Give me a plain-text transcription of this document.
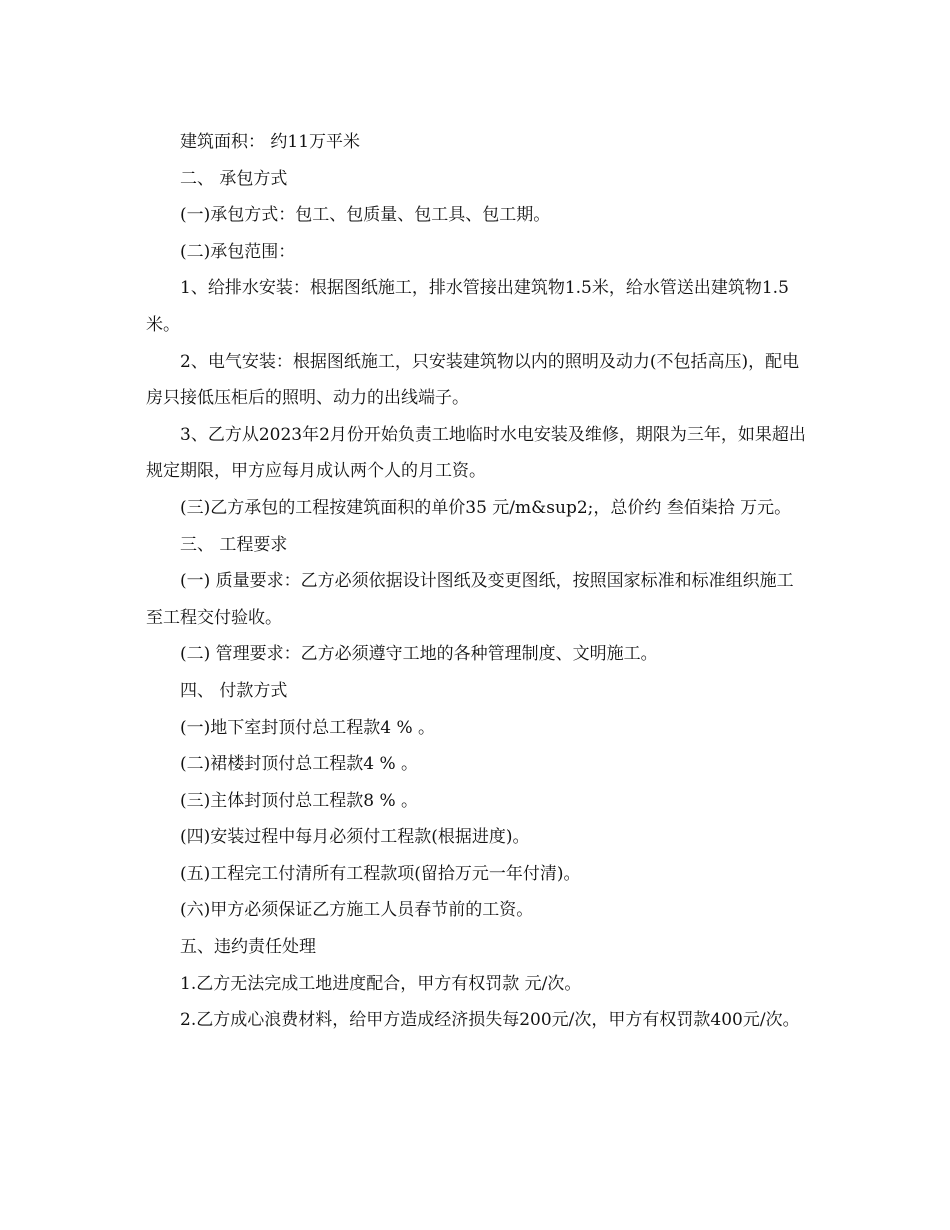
建筑面积： 约11万平米

二、 承包方式

(一)承包方式：包工、包质量、包工具、包工期。

(二)承包范围：

1、给排水安装：根据图纸施工，排水管接出建筑物1.5米，给水管送出建筑物1.5米。

2、电气安装：根据图纸施工，只安装建筑物以内的照明及动力(不包括高压)，配电房只接低压柜后的照明、动力的出线端子。

3、乙方从2023年2月份开始负责工地临时水电安装及维修，期限为三年，如果超出规定期限，甲方应每月成认两个人的月工资。

(三)乙方承包的工程按建筑面积的单价35 元/m&sup2;，总价约 叁佰柒拾 万元。

三、 工程要求

(一) 质量要求：乙方必须依据设计图纸及变更图纸，按照国家标准和标准组织施工至工程交付验收。

(二) 管理要求：乙方必须遵守工地的各种管理制度、文明施工。

四、 付款方式

(一)地下室封顶付总工程款4 % 。

(二)裙楼封顶付总工程款4 % 。

(三)主体封顶付总工程款8 % 。

(四)安装过程中每月必须付工程款(根据进度)。

(五)工程完工付清所有工程款项(留拾万元一年付清)。

(六)甲方必须保证乙方施工人员春节前的工资。

五、违约责任处理

1.乙方无法完成工地进度配合，甲方有权罚款 元/次。

2.乙方成心浪费材料，给甲方造成经济损失每200元/次，甲方有权罚款400元/次。
